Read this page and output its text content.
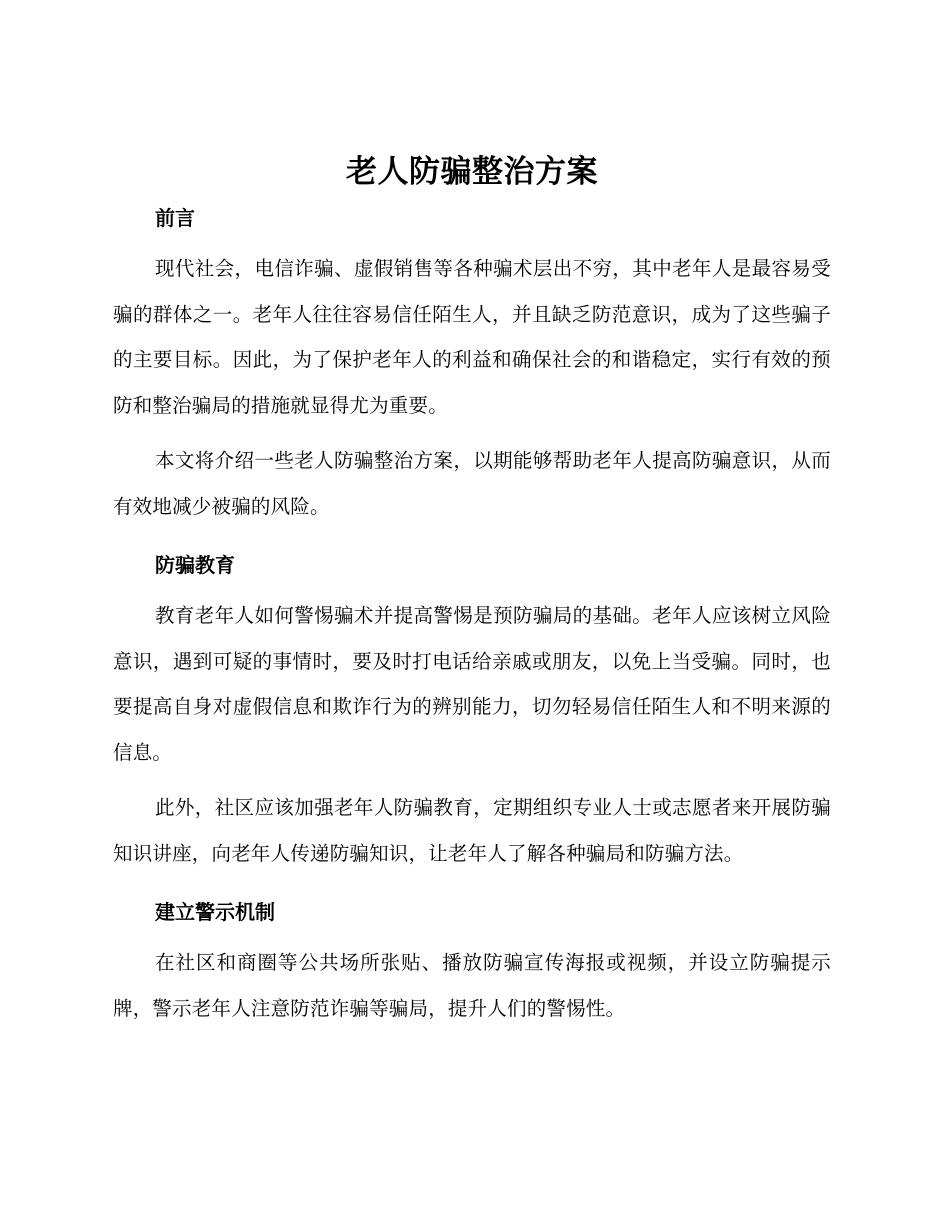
老人防骗整治方案
前言

现代社会，电信诈骗、虚假销售等各种骗术层出不穷，其中老年人是最容易受骗的群体之一。老年人往往容易信任陌生人，并且缺乏防范意识，成为了这些骗子的主要目标。因此，为了保护老年人的利益和确保社会的和谐稳定，实行有效的预防和整治骗局的措施就显得尤为重要。

本文将介绍一些老人防骗整治方案，以期能够帮助老年人提高防骗意识，从而有效地减少被骗的风险。

防骗教育

教育老年人如何警惕骗术并提高警惕是预防骗局的基础。老年人应该树立风险意识，遇到可疑的事情时，要及时打电话给亲戚或朋友，以免上当受骗。同时，也要提高自身对虚假信息和欺诈行为的辨别能力，切勿轻易信任陌生人和不明来源的信息。

此外，社区应该加强老年人防骗教育，定期组织专业人士或志愿者来开展防骗知识讲座，向老年人传递防骗知识，让老年人了解各种骗局和防骗方法。

建立警示机制

在社区和商圈等公共场所张贴、播放防骗宣传海报或视频，并设立防骗提示牌，警示老年人注意防范诈骗等骗局，提升人们的警惕性。
